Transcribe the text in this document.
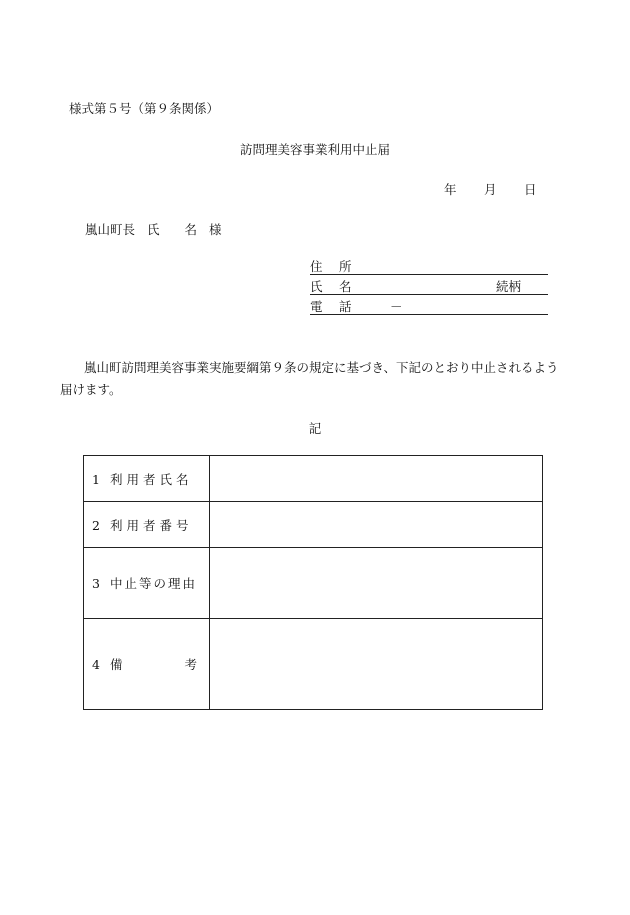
様式第５号（第９条関係）
訪問理美容事業利用中止届
年 月 日
嵐山町長 氏　　名 様
住　所
氏　名	続柄
電　話	－

嵐山町訪問理美容事業実施要綱第９条の規定に基づき、下記のとおり中止されるよう届けます。

記
1 利用者氏名	
2 利用者番号	
3 中止等の理由	

4 備 考	
